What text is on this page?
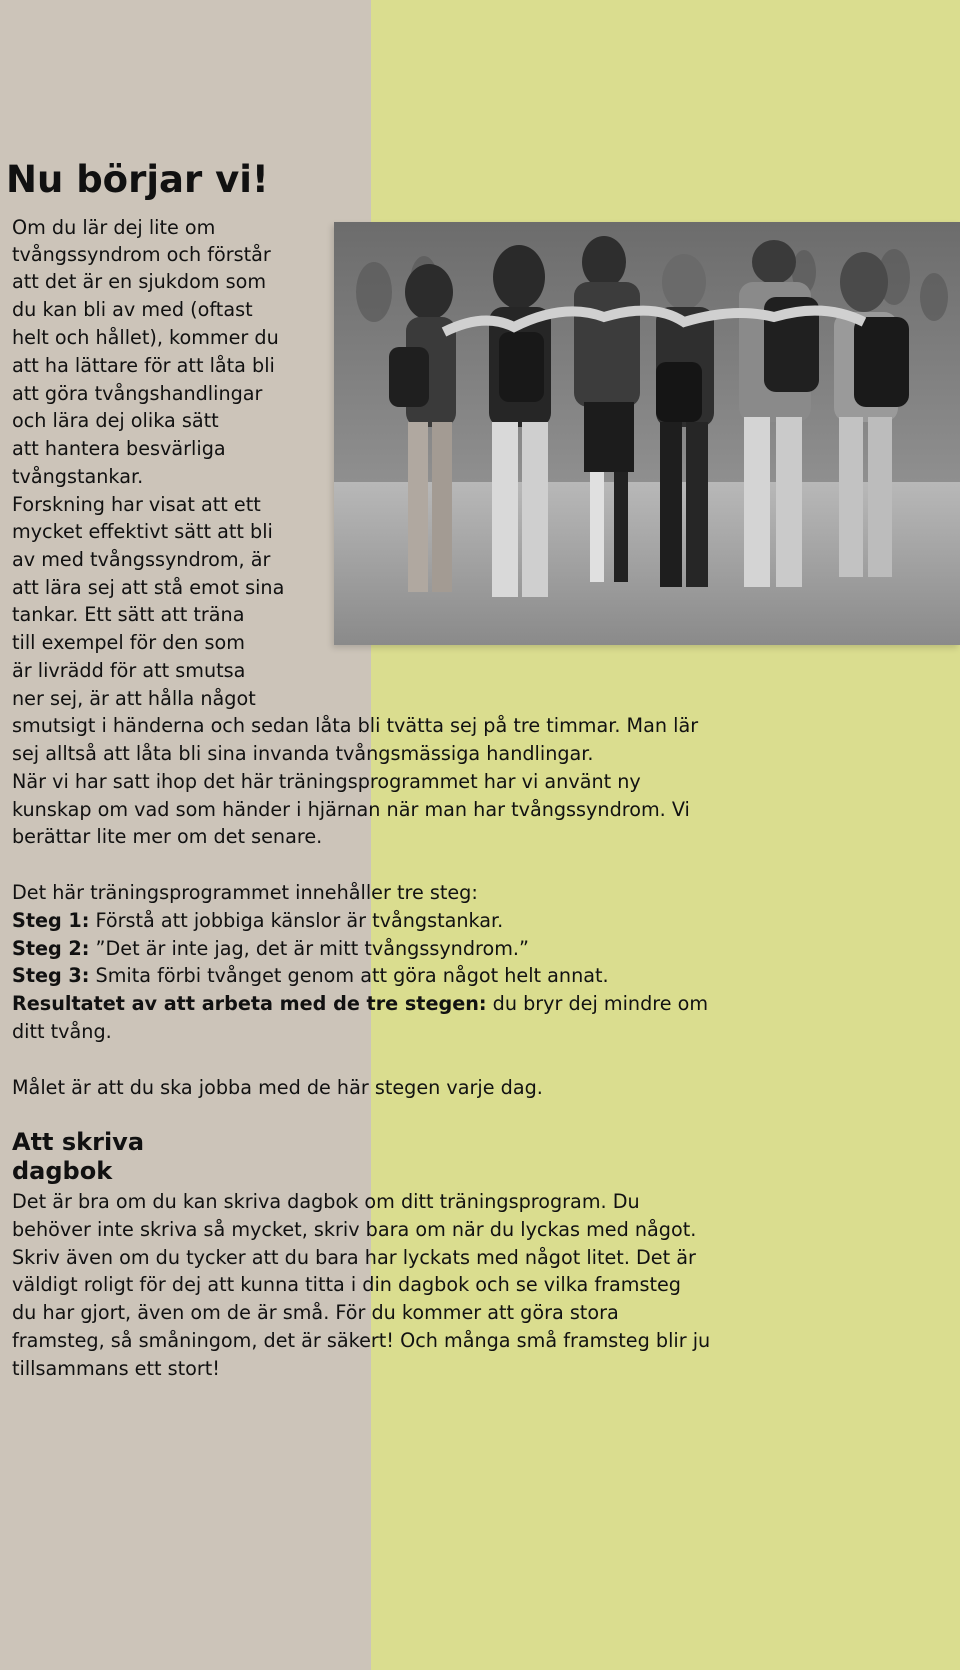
Nu börjar vi!

Om du lär dej lite om

tvångssyndrom och förstår

att det är en sjukdom som

du kan bli av med (oftast

helt och hållet), kommer du

att ha lättare för att låta bli

att göra tvångshandlingar

och lära dej olika sätt

att hantera besvärliga

tvångstankar.

Forskning har visat att ett

mycket effektivt sätt att bli

av med tvångssyndrom, är

att lära sej att stå emot sina

tankar. Ett sätt att träna

till exempel för den som

är livrädd för att smutsa

ner sej, är att hålla något

smutsigt i händerna och sedan låta bli tvätta sej på tre timmar. Man lär

sej alltså att låta bli sina invanda tvångsmässiga handlingar.

När vi har satt ihop det här träningsprogrammet har vi använt ny

kunskap om vad som händer i hjärnan när man har tvångssyndrom. Vi

berättar lite mer om det senare.

Det här träningsprogrammet innehåller tre steg:

Steg 1: Förstå att jobbiga känslor är tvångstankar.

Steg 2: ”Det är inte jag, det är mitt tvångssyndrom.”

Steg 3: Smita förbi tvånget genom att göra något helt annat.

Resultatet av att arbeta med de tre stegen: du bryr dej mindre om

ditt tvång.

Målet är att du ska jobba med de här stegen varje dag.

Att skriva
dagbok

Det är bra om du kan skriva dagbok om ditt träningsprogram. Du

behöver inte skriva så mycket, skriv bara om när du lyckas med något.

Skriv även om du tycker att du bara har lyckats med något litet. Det är

väldigt roligt för dej att kunna titta i din dagbok och se vilka framsteg

du har gjort, även om de är små. För du kommer att göra stora

framsteg, så småningom, det är säkert! Och många små framsteg blir ju

tillsammans ett stort!
